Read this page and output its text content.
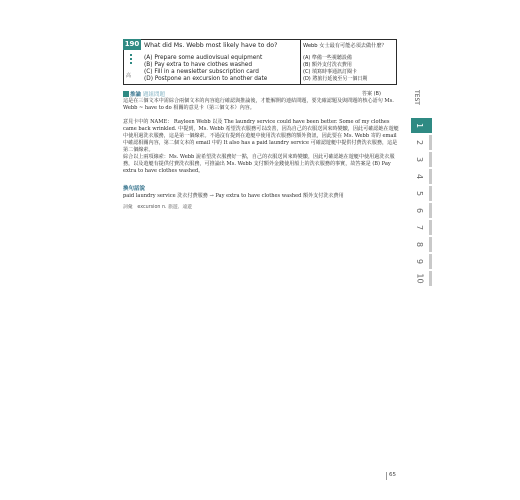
190
高
What did Ms. Webb most likely have to do?
(A) Prepare some audiovisual equipment
(B) Pay extra to have clothes washed
(C) Fill in a newsletter subscription card
(D) Postpone an excursion to another date
Webb 女士最有可能必須去做什麼？
(A) 準備一些視聽設備
(B) 額外支付洗衣費用
(C) 填寫時事通訊訂閱卡
(D) 將旅行延後至另一個日期
推論 題組問題	答案 (B)
這是在三個文本中需綜合兩個文本的內容進行確認與推論後，才能解開的連結問題，要先確認題及與問題的核心語句 Ms. Webb ~ have to do 相關的意見卡（第三個文本）內容。
意見卡中的 NAME： Rayleen Webb 以及 The laundry service could have been better. Some of my clothes came back wrinkled. 中提到，Ms. Webb 希望洗衣服務可以改善，因為自己的衣服送回來時變皺，因此可確認她在遊艇中使用過洗衣服務，這是第一個線索。不過沒有提到在遊艇中使用洗衣服務的額外資訊，因此要在 Ms. Webb 寄的 email 中確認相關內容，第二個文本的 email 中的 It also has a paid laundry service 可確認遊艇中提供付費洗衣服務，這是第二個線索。
綜合以上兩項線索：Ms. Webb 說希望洗衣服務好一點，自己的衣服送回來時變皺，因此可確認她在遊艇中使用過洗衣服務，以及遊艇有提供付費洗衣服務，可推論出 Ms. Webb 支付額外金錢使用船上的洗衣服務的事實，故答案是 (B) Pay extra to have clothes washed。
換句話說
paid laundry service 洗衣付費服務 → Pay extra to have clothes washed 額外支付洗衣費用
詞彙　excursion n. 旅遊、遠遊
TEST
1
2
3
4
5
6
7
8
9
10
65
